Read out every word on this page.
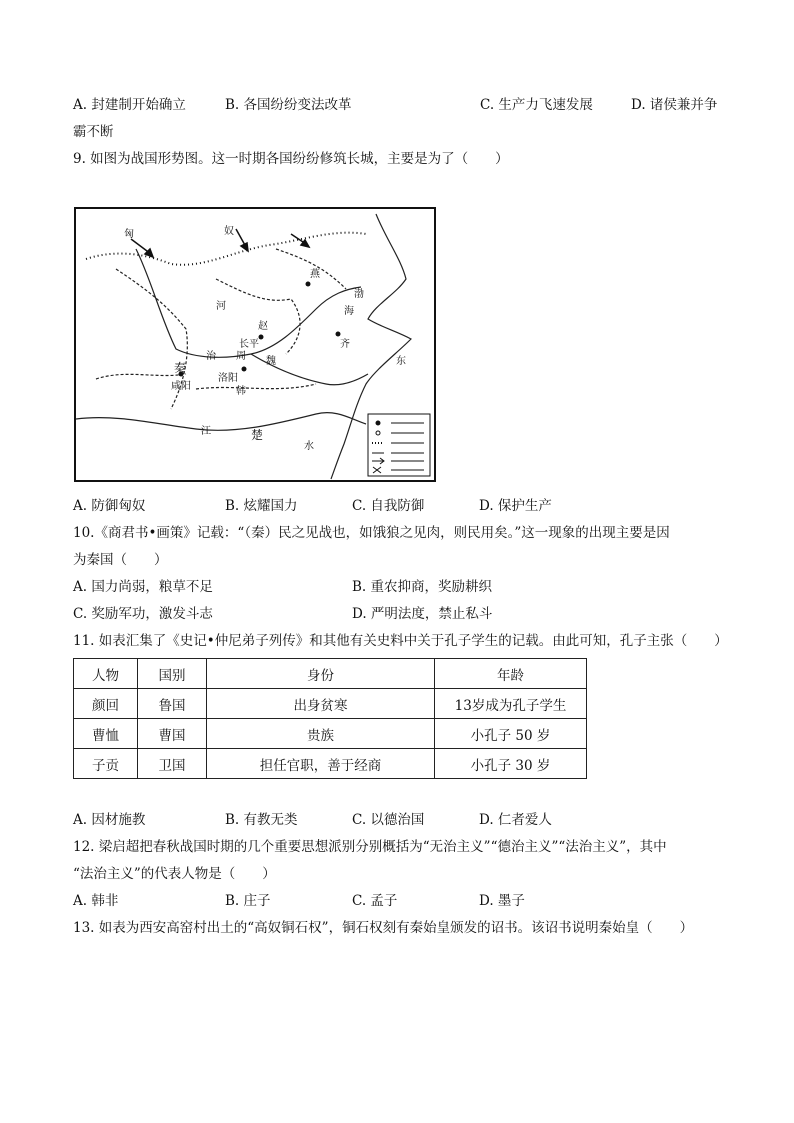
A. 封建制开始确立	B. 各国纷纷变法改革	C. 生产力飞速发展	D. 诸侯兼并争
霸不断
9. 如图为战国形势图。这一时期各国纷纷修筑长城，主要是为了（　　）
匈	奴
燕
赵
齐
秦
韩
魏
楚
周
洛阳
咸阳
长平
渤
海
东
江
水
河
治
A. 防御匈奴	B. 炫耀国力	C. 自我防御	D. 保护生产
10.《商君书•画策》记载：“（秦）民之见战也，如饿狼之见肉，则民用矣。”这一现象的出现主要是因
为秦国（　　）
A. 国力尚弱，粮草不足	B. 重农抑商，奖励耕织
C. 奖励军功，激发斗志	D. 严明法度，禁止私斗
11. 如表汇集了《史记•仲尼弟子列传》和其他有关史料中关于孔子学生的记载。由此可知，孔子主张（　　）
人物	国别	身份	年龄
颜回	鲁国	出身贫寒	13岁成为孔子学生
曹恤	曹国	贵族	小孔子 50 岁
子贡	卫国	担任官职，善于经商	小孔子 30 岁
A. 因材施教	B. 有教无类	C. 以德治国	D. 仁者爱人
12. 梁启超把春秋战国时期的几个重要思想派别分别概括为“无治主义”“德治主义”“法治主义”，其中
“法治主义”的代表人物是（　　）
A. 韩非	B. 庄子	C. 孟子	D. 墨子
13. 如表为西安高窑村出土的“高奴铜石权”，铜石权刻有秦始皇颁发的诏书。该诏书说明秦始皇（　　）
